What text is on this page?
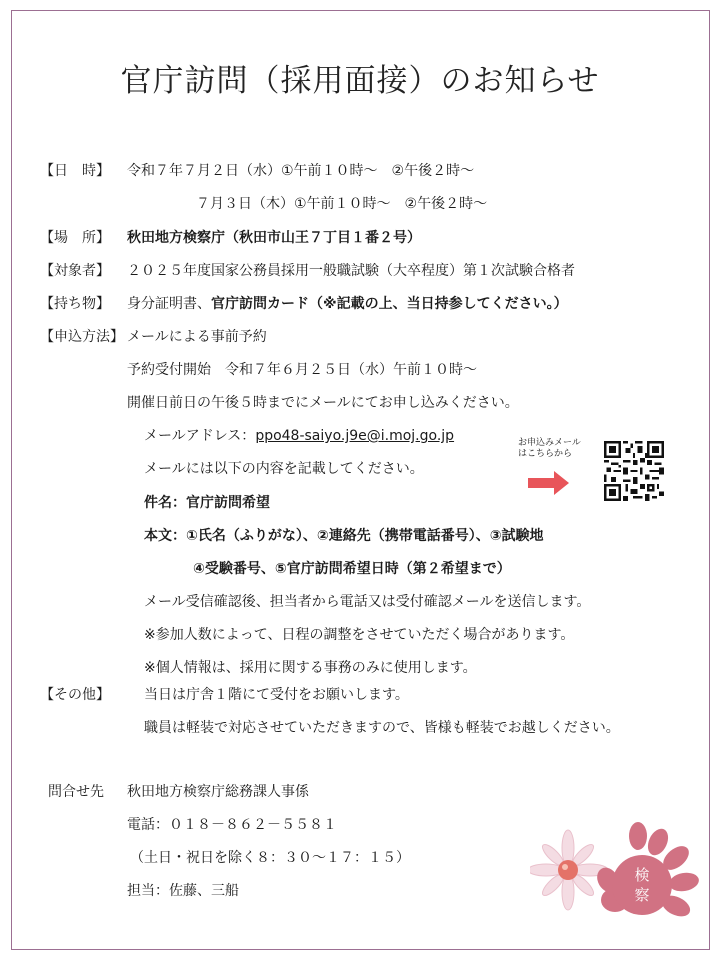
官庁訪問（採用面接）のお知らせ
【日　時】 令和７年７月２日（水）①午前１０時～　②午後２時～
７月３日（木）①午前１０時～　②午後２時～
【場　所】 秋田地方検察庁（秋田市山王７丁目１番２号）
【対象者】 ２０２５年度国家公務員採用一般職試験（大卒程度）第１次試験合格者
【持ち物】 身分証明書、官庁訪問カード（※記載の上、当日持参してください。）
【申込方法】 メールによる事前予約
予約受付開始　令和７年６月２５日（水）午前１０時～
開催日前日の午後５時までにメールにてお申し込みください。
メールアドレス：ppo48-saiyo.j9e@i.moj.go.jp
メールには以下の内容を記載してください。
件名：官庁訪問希望
本文：①氏名（ふりがな）、②連絡先（携帯電話番号）、③試験地
④受験番号、⑤官庁訪問希望日時（第２希望まで）
メール受信確認後、担当者から電話又は受付確認メールを送信します。
※参加人数によって、日程の調整をさせていただく場合があります。
※個人情報は、採用に関する事務のみに使用します。
お申込みメール
はこちらから
【その他】 当日は庁舎１階にて受付をお願いします。
職員は軽装で対応させていただきますので、皆様も軽装でお越しください。
問合せ先 秋田地方検察庁総務課人事係
電話：０１８－８６２－５５８１
（土日・祝日を除く８：３０～１７：１５）
担当：佐藤、三船
検
察
